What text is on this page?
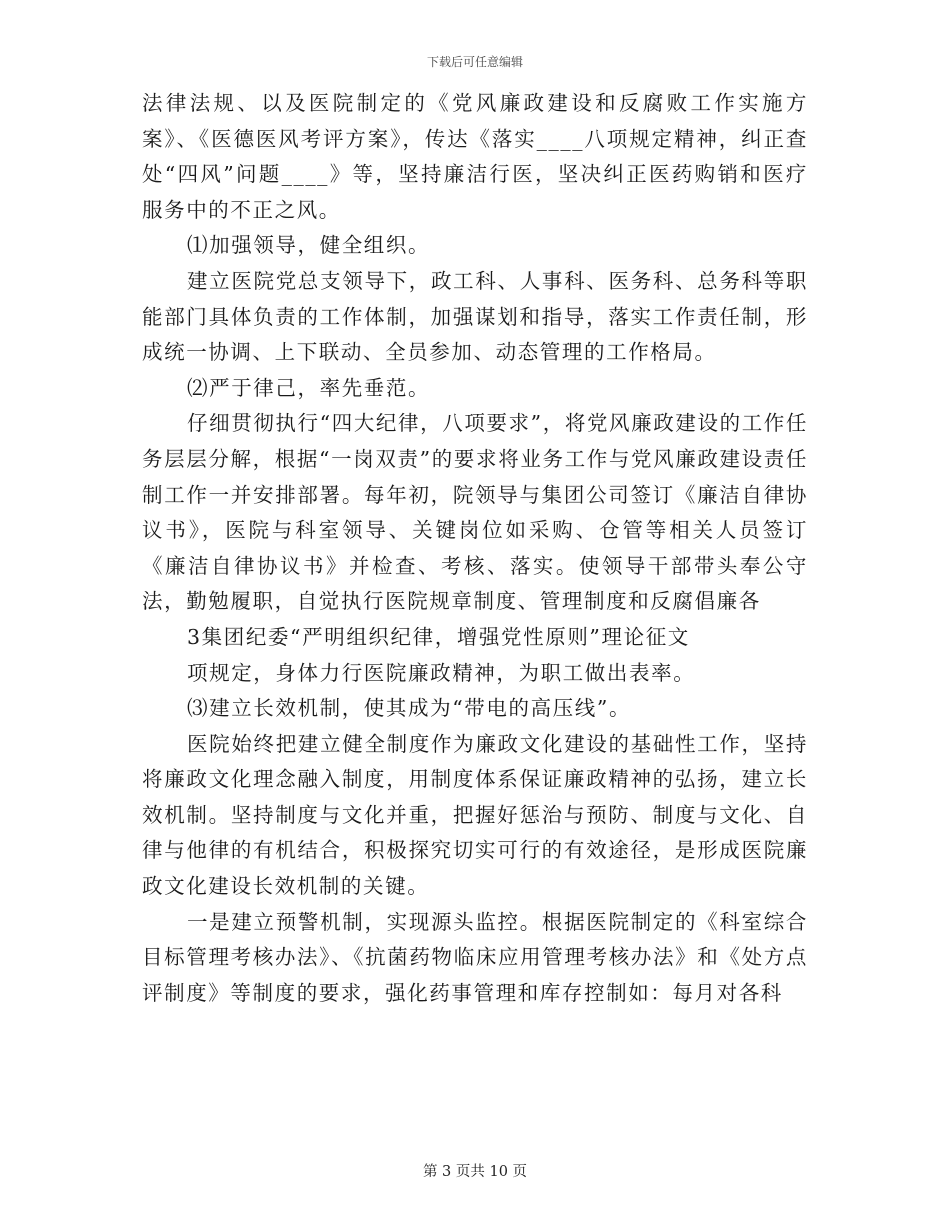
下载后可任意编辑

法律法规、以及医院制定的《党风廉政建设和反腐败工作实施方案》、《医德医风考评方案》，传达《落实____八项规定精神，纠正查处“四风”问题____》等，坚持廉洁行医，坚决纠正医药购销和医疗服务中的不正之风。

⑴加强领导，健全组织。

建立医院党总支领导下，政工科、人事科、医务科、总务科等职能部门具体负责的工作体制，加强谋划和指导，落实工作责任制，形成统一协调、上下联动、全员参加、动态管理的工作格局。

⑵严于律己，率先垂范。

仔细贯彻执行“四大纪律，八项要求”，将党风廉政建设的工作任务层层分解，根据“一岗双责”的要求将业务工作与党风廉政建设责任制工作一并安排部署。每年初，院领导与集团公司签订《廉洁自律协议书》，医院与科室领导、关键岗位如采购、仓管等相关人员签订《廉洁自律协议书》并检查、考核、落实。使领导干部带头奉公守法，勤勉履职，自觉执行医院规章制度、管理制度和反腐倡廉各

3集团纪委“严明组织纪律，增强党性原则”理论征文

项规定，身体力行医院廉政精神，为职工做出表率。

⑶建立长效机制，使其成为“带电的高压线”。

医院始终把建立健全制度作为廉政文化建设的基础性工作，坚持将廉政文化理念融入制度，用制度体系保证廉政精神的弘扬，建立长效机制。坚持制度与文化并重，把握好惩治与预防、制度与文化、自律与他律的有机结合，积极探究切实可行的有效途径，是形成医院廉政文化建设长效机制的关键。

一是建立预警机制，实现源头监控。根据医院制定的《科室综合目标管理考核办法》、《抗菌药物临床应用管理考核办法》和《处方点评制度》等制度的要求，强化药事管理和库存控制如：每月对各科

第 3 页共 10 页
